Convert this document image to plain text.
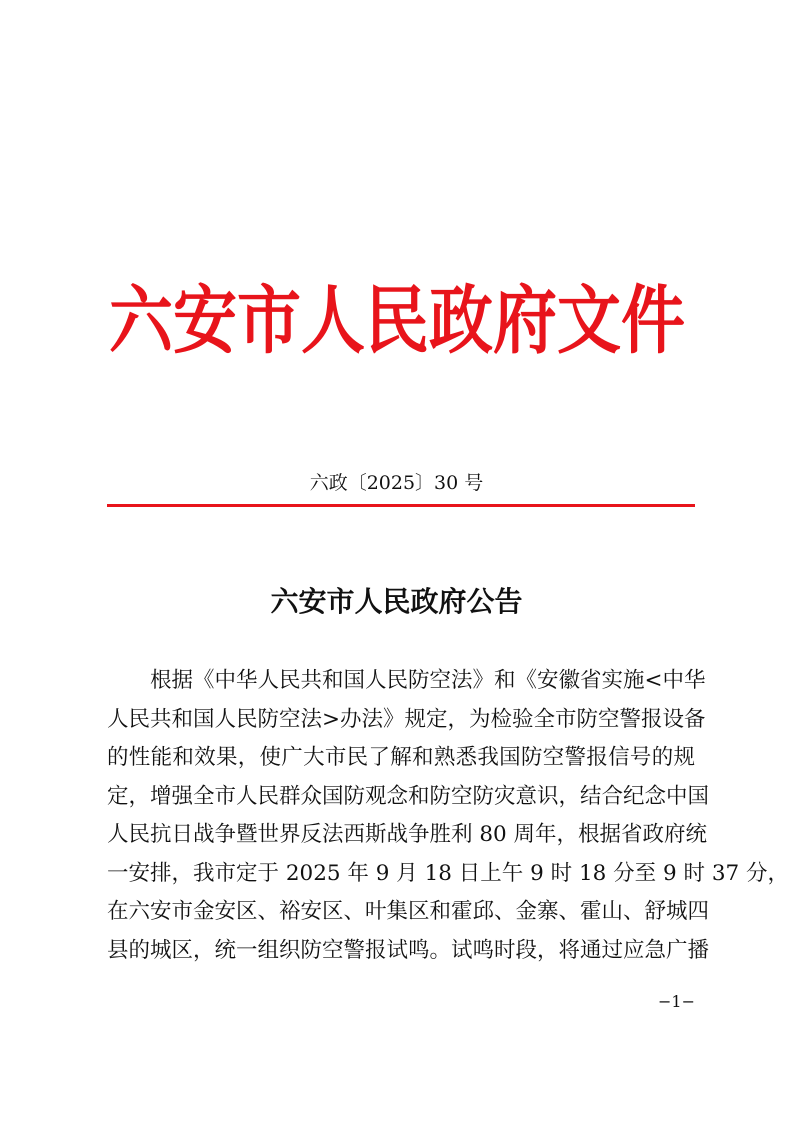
六安市人民政府文件
六政〔2025〕30 号
六安市人民政府公告
根据《中华人民共和国人民防空法》和《安徽省实施<中华
人民共和国人民防空法>办法》规定，为检验全市防空警报设备
的性能和效果，使广大市民了解和熟悉我国防空警报信号的规
定，增强全市人民群众国防观念和防空防灾意识，结合纪念中国
人民抗日战争暨世界反法西斯战争胜利 80 周年，根据省政府统
一安排，我市定于 2025 年 9 月 18 日上午 9 时 18 分至 9 时 37 分，
在六安市金安区、裕安区、叶集区和霍邱、金寨、霍山、舒城四
县的城区，统一组织防空警报试鸣。试鸣时段，将通过应急广播
−1−
